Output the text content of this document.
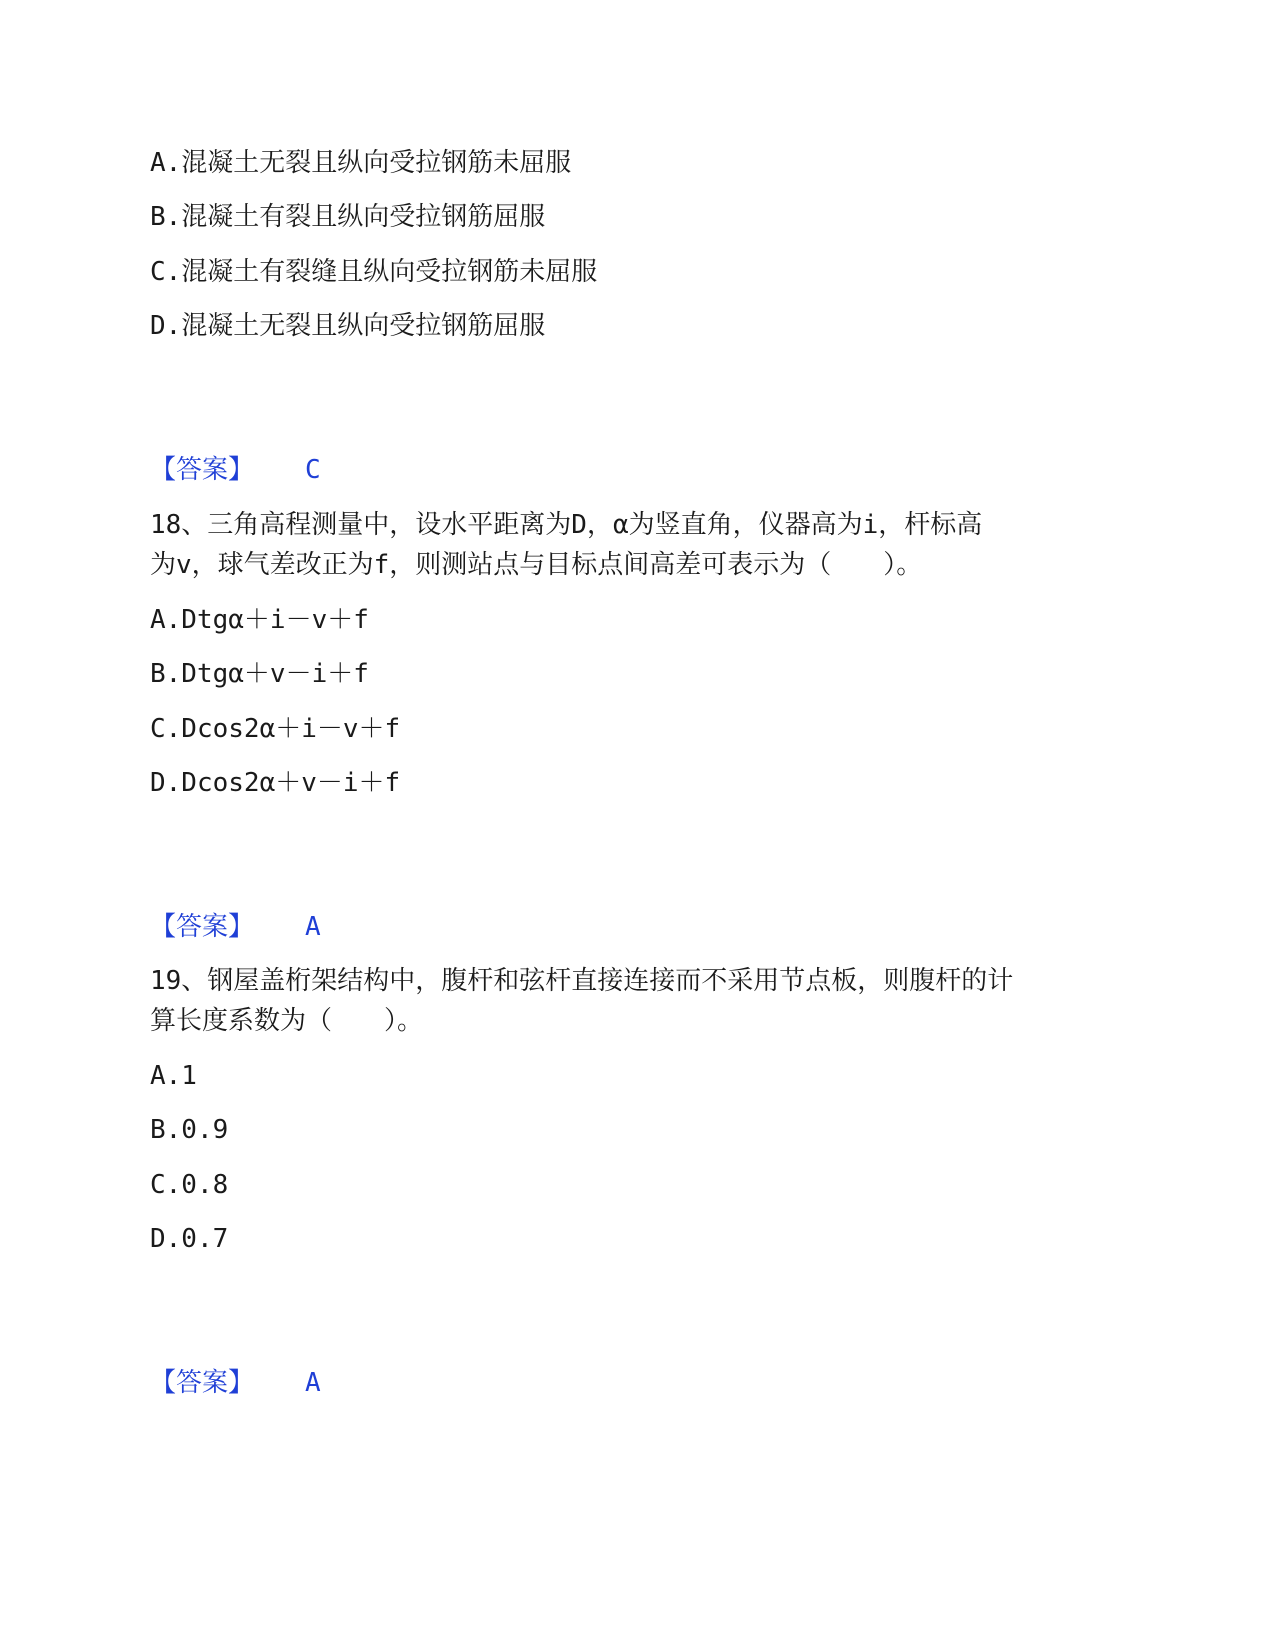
A.混凝土无裂且纵向受拉钢筋未屈服
B.混凝土有裂且纵向受拉钢筋屈服
C.混凝土有裂缝且纵向受拉钢筋未屈服
D.混凝土无裂且纵向受拉钢筋屈服
【答案】 C
18、三角高程测量中，设水平距离为D，α为竖直角，仪器高为i，杆标高
为v，球气差改正为f，则测站点与目标点间高差可表示为（　　）。
A.Dtgα＋i－v＋f
B.Dtgα＋v－i＋f
C.Dcos2α＋i－v＋f
D.Dcos2α＋v－i＋f
【答案】 A
19、钢屋盖桁架结构中，腹杆和弦杆直接连接而不采用节点板，则腹杆的计
算长度系数为（　　）。
A.1
B.0.9
C.0.8
D.0.7
【答案】 A
